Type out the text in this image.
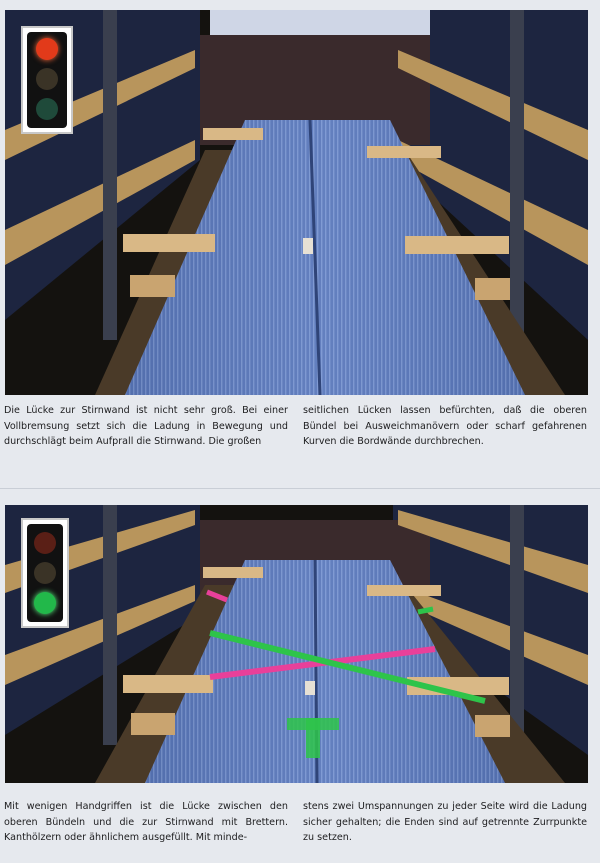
Die Lücke zur Stirnwand ist nicht sehr groß. Bei einer Vollbremsung setzt sich die Ladung in Bewegung und durchschlägt beim Aufprall die Stirnwand. Die großen
seitlichen Lücken lassen befürchten, daß die oberen Bündel bei Ausweichmanövern oder scharf gefahrenen Kurven die Bordwände durchbrechen.
Mit wenigen Handgriffen ist die Lücke zwischen den oberen Bündeln und die zur Stirnwand mit Brettern. Kanthölzern oder ähnlichem ausgefüllt. Mit minde-
stens zwei Umspannungen zu jeder Seite wird die Ladung sicher gehalten; die Enden sind auf getrennte Zurrpunkte zu setzen.
